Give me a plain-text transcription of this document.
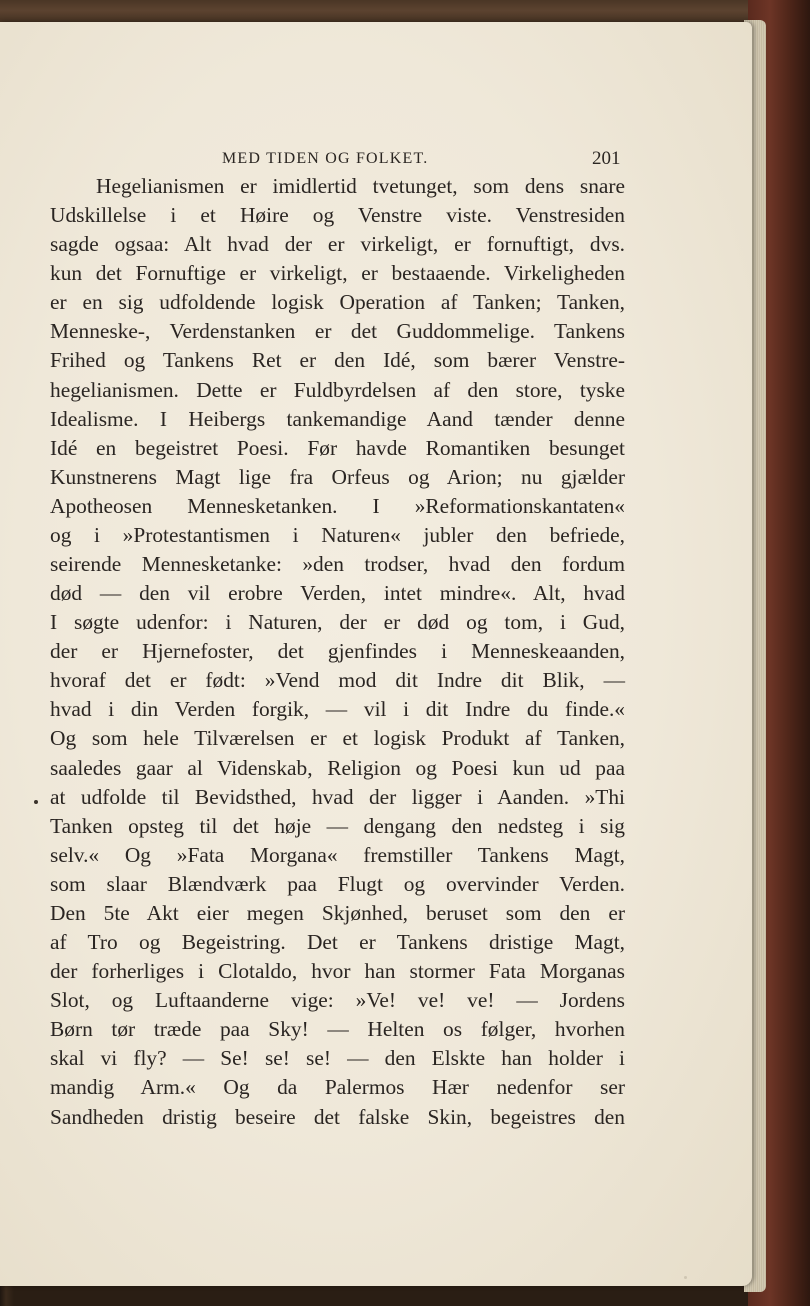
MED TIDEN OG FOLKET.	201
Hegelianismen er imidlertid tvetunget, som dens snare
Udskillelse i et Høire og Venstre viste. Venstresiden
sagde ogsaa: Alt hvad der er virkeligt, er fornuftigt, dvs.
kun det Fornuftige er virkeligt, er bestaaende. Virkeligheden
er en sig udfoldende logisk Operation af Tanken; Tanken,
Menneske-, Verdenstanken er det Guddommelige. Tankens
Frihed og Tankens Ret er den Idé, som bærer Venstre-
hegelianismen. Dette er Fuldbyrdelsen af den store, tyske
Idealisme. I Heibergs tankemandige Aand tænder denne
Idé en begeistret Poesi. Før havde Romantiken besunget
Kunstnerens Magt lige fra Orfeus og Arion; nu gjælder
Apotheosen Mennesketanken. I »Reformationskantaten«
og i »Protestantismen i Naturen« jubler den befriede,
seirende Mennesketanke: »den trodser, hvad den fordum
død — den vil erobre Verden, intet mindre«. Alt, hvad
I søgte udenfor: i Naturen, der er død og tom, i Gud,
der er Hjernefoster, det gjenfindes i Menneskeaanden,
hvoraf det er født: »Vend mod dit Indre dit Blik, —
hvad i din Verden forgik, — vil i dit Indre du finde.«
Og som hele Tilværelsen er et logisk Produkt af Tanken,
saaledes gaar al Videnskab, Religion og Poesi kun ud paa
at udfolde til Bevidsthed, hvad der ligger i Aanden. »Thi
Tanken opsteg til det høje — dengang den nedsteg i sig
selv.« Og »Fata Morgana« fremstiller Tankens Magt,
som slaar Blændværk paa Flugt og overvinder Verden.
Den 5te Akt eier megen Skjønhed, beruset som den er
af Tro og Begeistring. Det er Tankens dristige Magt,
der forherliges i Clotaldo, hvor han stormer Fata Morganas
Slot, og Luftaanderne vige: »Ve! ve! ve! — Jordens
Børn tør træde paa Sky! — Helten os følger, hvorhen
skal vi fly? — Se! se! se! — den Elskte han holder i
mandig Arm.« Og da Palermos Hær nedenfor ser
Sandheden dristig beseire det falske Skin, begeistres den
